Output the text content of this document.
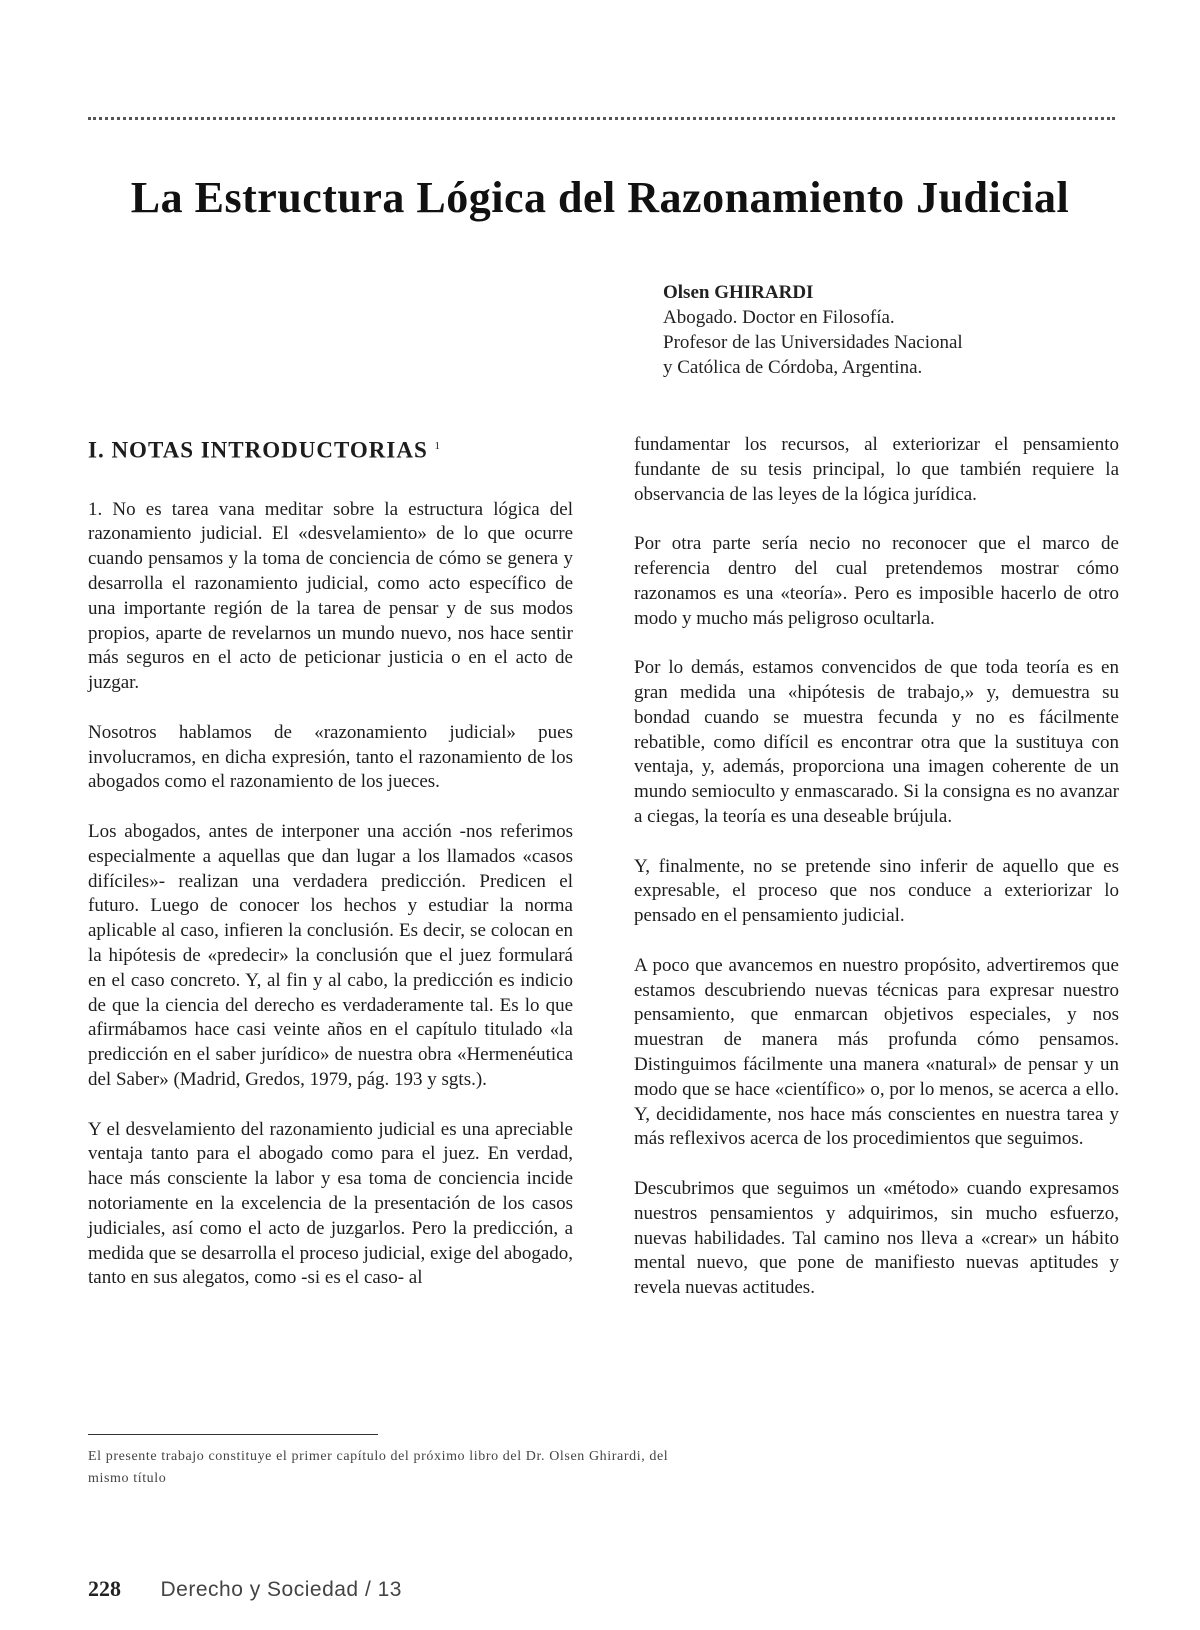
La Estructura Lógica del Razonamiento Judicial
Olsen GHIRARDI
Abogado. Doctor en Filosofía.
Profesor de las Universidades Nacional
y Católica de Córdoba, Argentina.
I. NOTAS INTRODUCTORIAS $^1$

1. No es tarea vana meditar sobre la estructura lógica del razonamiento judicial. El «desvelamiento» de lo que ocurre cuando pensamos y la toma de conciencia de cómo se genera y desarrolla el razonamiento judicial, como acto específico de una importante región de la tarea de pensar y de sus modos propios, aparte de revelarnos un mundo nuevo, nos hace sentir más seguros en el acto de peticionar justicia o en el acto de juzgar.

Nosotros hablamos de «razonamiento judicial» pues involucramos, en dicha expresión, tanto el razonamiento de los abogados como el razonamiento de los jueces.

Los abogados, antes de interponer una acción -nos referimos especialmente a aquellas que dan lugar a los llamados «casos difíciles»- realizan una verdadera predicción. Predicen el futuro. Luego de conocer los hechos y estudiar la norma aplicable al caso, infieren la conclusión. Es decir, se colocan en la hipótesis de «predecir» la conclusión que el juez formulará en el caso concreto. Y, al fin y al cabo, la predicción es indicio de que la ciencia del derecho es verdaderamente tal. Es lo que afirmábamos hace casi veinte años en el capítulo titulado «la predicción en el saber jurídico» de nuestra obra «Hermenéutica del Saber» (Madrid, Gredos, 1979, pág. 193 y sgts.).

Y el desvelamiento del razonamiento judicial es una apreciable ventaja tanto para el abogado como para el juez. En verdad, hace más consciente la labor y esa toma de conciencia incide notoriamente en la excelencia de la presentación de los casos judiciales, así como el acto de juzgarlos. Pero la predicción, a medida que se desarrolla el proceso judicial, exige del abogado, tanto en sus alegatos, como -si es el caso- al

fundamentar los recursos, al exteriorizar el pensamiento fundante de su tesis principal, lo que también requiere la observancia de las leyes de la lógica jurídica.

Por otra parte sería necio no reconocer que el marco de referencia dentro del cual pretendemos mostrar cómo razonamos es una «teoría». Pero es imposible hacerlo de otro modo y mucho más peligroso ocultarla.

Por lo demás, estamos convencidos de que toda teoría es en gran medida una «hipótesis de trabajo,» y, demuestra su bondad cuando se muestra fecunda y no es fácilmente rebatible, como difícil es encontrar otra que la sustituya con ventaja, y, además, proporciona una imagen coherente de un mundo semioculto y enmascarado. Si la consigna es no avanzar a ciegas, la teoría es una deseable brújula.

Y, finalmente, no se pretende sino inferir de aquello que es expresable, el proceso que nos conduce a exteriorizar lo pensado en el pensamiento judicial.

A poco que avancemos en nuestro propósito, advertiremos que estamos descubriendo nuevas técnicas para expresar nuestro pensamiento, que enmarcan objetivos especiales, y nos muestran de manera más profunda cómo pensamos. Distinguimos fácilmente una manera «natural» de pensar y un modo que se hace «científico» o, por lo menos, se acerca a ello. Y, decididamente, nos hace más conscientes en nuestra tarea y más reflexivos acerca de los procedimientos que seguimos.

Descubrimos que seguimos un «método» cuando expresamos nuestros pensamientos y adquirimos, sin mucho esfuerzo, nuevas habilidades. Tal camino nos lleva a «crear» un hábito mental nuevo, que pone de manifiesto nuevas aptitudes y revela nuevas actitudes.

El presente trabajo constituye el primer capítulo del próximo libro del Dr. Olsen Ghirardi, del mismo título
228 Derecho y Sociedad / 13
